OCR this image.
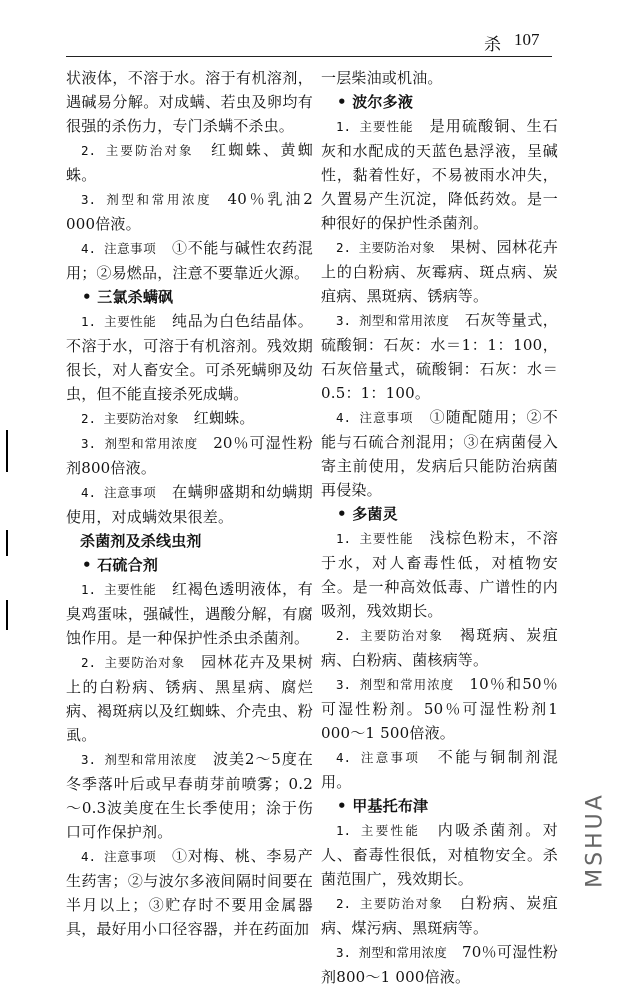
杀 107

状液体，不溶于水。溶于有机溶剂，遇碱易分解。对成螨、若虫及卵均有很强的杀伤力，专门杀螨不杀虫。

2. 主要防治对象  红蜘蛛、黄蜘蛛。

3. 剂型和常用浓度  40％乳油2 000倍液。

4. 注意事项  ①不能与碱性农药混用；②易燃品，注意不要靠近火源。

• 三氯杀螨砜

1. 主要性能  纯品为白色结晶体。不溶于水，可溶于有机溶剂。残效期很长，对人畜安全。可杀死螨卵及幼虫，但不能直接杀死成螨。

2. 主要防治对象  红蜘蛛。

3. 剂型和常用浓度  20％可湿性粉剂800倍液。

4. 注意事项  在螨卵盛期和幼螨期使用，对成螨效果很差。

杀菌剂及杀线虫剂

• 石硫合剂

1. 主要性能  红褐色透明液体，有臭鸡蛋味，强碱性，遇酸分解，有腐蚀作用。是一种保护性杀虫杀菌剂。

2. 主要防治对象  园林花卉及果树上的白粉病、锈病、黑星病、腐烂病、褐斑病以及红蜘蛛、介壳虫、粉虱。

3. 剂型和常用浓度  波美2～5度在冬季落叶后或早春萌芽前喷雾；0.2～0.3波美度在生长季使用；涂于伤口可作保护剂。

4. 注意事项  ①对梅、桃、李易产生药害；②与波尔多液间隔时间要在半月以上；③贮存时不要用金属器具，最好用小口径容器，并在药面加

一层柴油或机油。

• 波尔多液

1. 主要性能  是用硫酸铜、生石灰和水配成的天蓝色悬浮液，呈碱性，黏着性好，不易被雨水冲失，久置易产生沉淀，降低药效。是一种很好的保护性杀菌剂。

2. 主要防治对象  果树、园林花卉上的白粉病、灰霉病、斑点病、炭疽病、黑斑病、锈病等。

3. 剂型和常用浓度  石灰等量式，硫酸铜：石灰：水＝1：1：100，石灰倍量式，硫酸铜：石灰：水＝0.5：1：100。

4. 注意事项  ①随配随用；②不能与石硫合剂混用；③在病菌侵入寄主前使用，发病后只能防治病菌再侵染。

• 多菌灵

1. 主要性能  浅棕色粉末，不溶于水，对人畜毒性低，对植物安全。是一种高效低毒、广谱性的内吸剂，残效期长。

2. 主要防治对象  褐斑病、炭疽病、白粉病、菌核病等。

3. 剂型和常用浓度  10％和50％可湿性粉剂。50％可湿性粉剂1 000～1 500倍液。

4. 注意事项  不能与铜制剂混用。

• 甲基托布津

1. 主要性能  内吸杀菌剂。对人、畜毒性很低，对植物安全。杀菌范围广，残效期长。

2. 主要防治对象  白粉病、炭疽病、煤污病、黑斑病等。

3. 剂型和常用浓度  70％可湿性粉剂800～1 000倍液。

MSHUA
